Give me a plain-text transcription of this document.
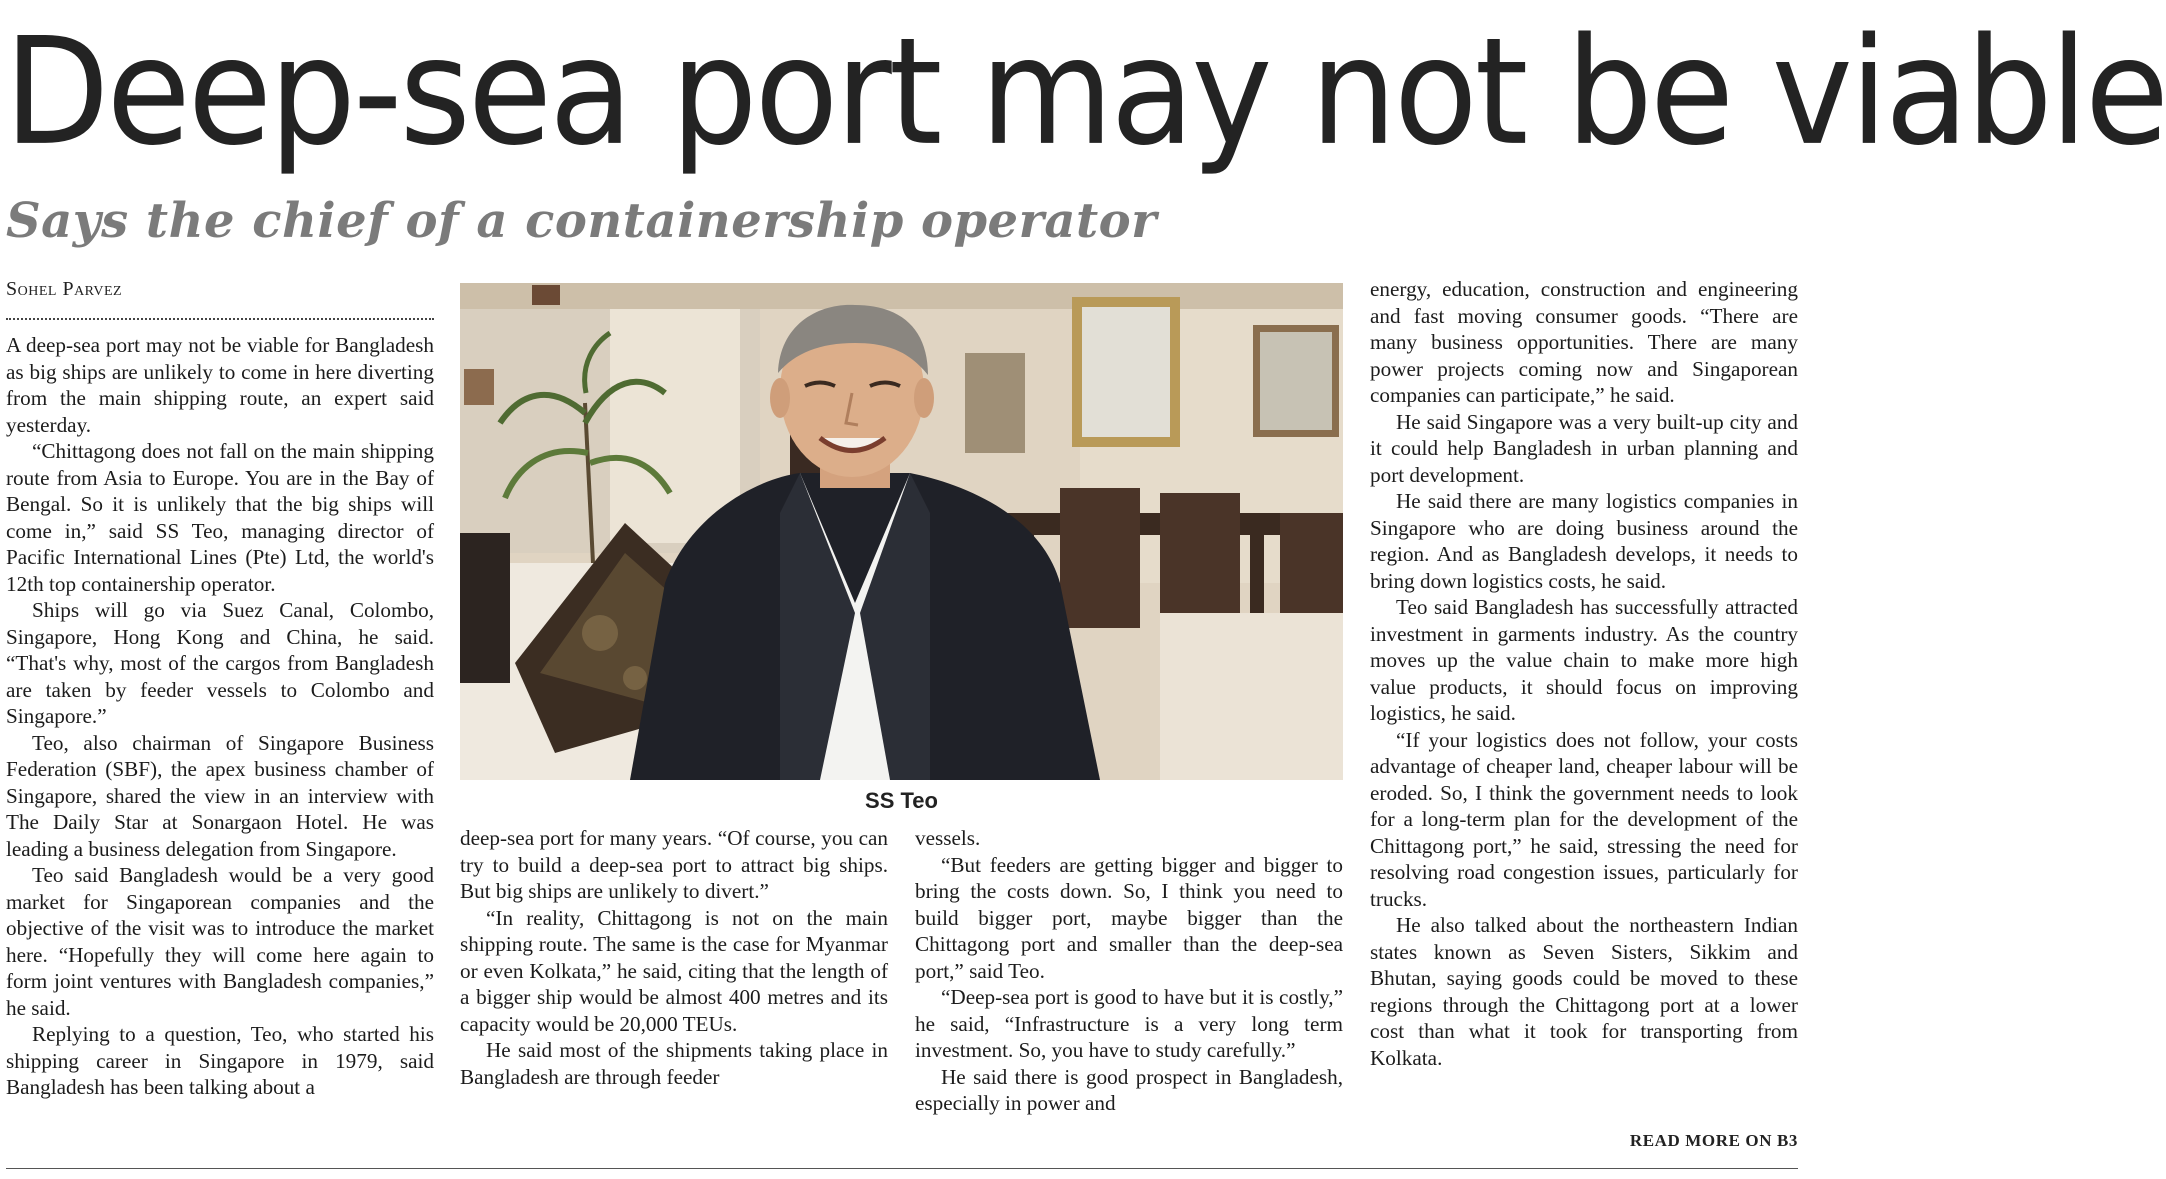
Deep-sea port may not be viable
Says the chief of a containership operator
Sohel Parvez

A deep-sea port may not be viable for Bangladesh as big ships are unlikely to come in here diverting from the main shipping route, an expert said yesterday.

“Chittagong does not fall on the main shipping route from Asia to Europe. You are in the Bay of Bengal. So it is unlikely that the big ships will come in,” said SS Teo, managing director of Pacific International Lines (Pte) Ltd, the world's 12th top containership operator.

Ships will go via Suez Canal, Colombo, Singapore, Hong Kong and China, he said. “That's why, most of the cargos from Bangladesh are taken by feeder vessels to Colombo and Singapore.”

Teo, also chairman of Singapore Business Federation (SBF), the apex business chamber of Singapore, shared the view in an interview with The Daily Star at Sonargaon Hotel. He was leading a business delegation from Singapore.

Teo said Bangladesh would be a very good market for Singaporean companies and the objective of the visit was to introduce the market here. “Hopefully they will come here again to form joint ventures with Bangladesh companies,” he said.

Replying to a question, Teo, who started his shipping career in Singapore in 1979, said Bangladesh has been talking about a

SS Teo

deep-sea port for many years. “Of course, you can try to build a deep-sea port to attract big ships. But big ships are unlikely to divert.”

“In reality, Chittagong is not on the main shipping route. The same is the case for Myanmar or even Kolkata,” he said, citing that the length of a bigger ship would be almost 400 metres and its capacity would be 20,000 TEUs.

He said most of the shipments taking place in Bangladesh are through feeder

vessels.

“But feeders are getting bigger and bigger to bring the costs down. So, I think you need to build bigger port, maybe bigger than the Chittagong port and smaller than the deep-sea port,” said Teo.

“Deep-sea port is good to have but it is costly,” he said, “Infrastructure is a very long term investment. So, you have to study carefully.”

He said there is good prospect in Bangladesh, especially in power and

energy, education, construction and engineering and fast moving consumer goods. “There are many business opportunities. There are many power projects coming now and Singaporean companies can participate,” he said.

He said Singapore was a very built-up city and it could help Bangladesh in urban planning and port development.

He said there are many logistics companies in Singapore who are doing business around the region. And as Bangladesh develops, it needs to bring down logistics costs, he said.

Teo said Bangladesh has successfully attracted investment in garments industry. As the country moves up the value chain to make more high value products, it should focus on improving logistics, he said.

“If your logistics does not follow, your costs advantage of cheaper land, cheaper labour will be eroded. So, I think the government needs to look for a long-term plan for the development of the Chittagong port,” he said, stressing the need for resolving road congestion issues, particularly for trucks.

He also talked about the northeastern Indian states known as Seven Sisters, Sikkim and Bhutan, saying goods could be moved to these regions through the Chittagong port at a lower cost than what it took for transporting from Kolkata.

READ MORE ON B3
